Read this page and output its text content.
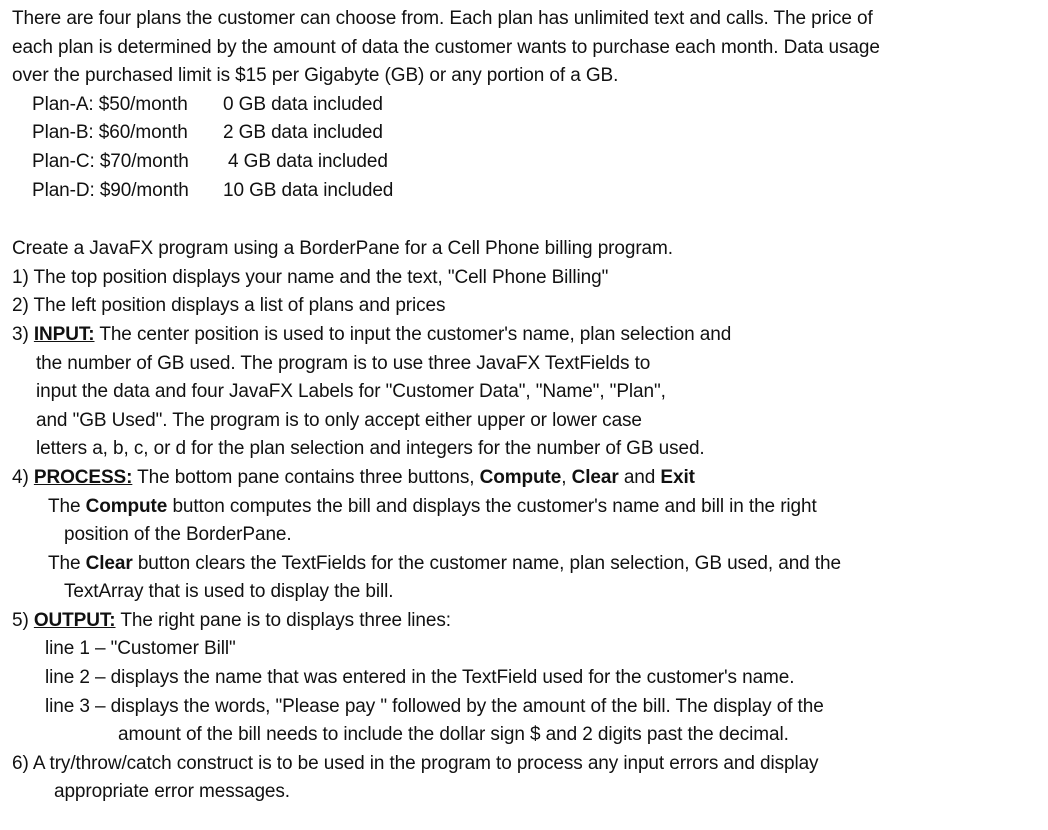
There are four plans the customer can choose from. Each plan has unlimited text and calls. The price of
each plan is determined by the amount of data the customer wants to purchase each month. Data usage
over the purchased limit is $15 per Gigabyte (GB) or any portion of a GB.
Plan-A: $50/month 0 GB data included
Plan-B: $60/month 2 GB data included
Plan-C: $70/month 4 GB data included
Plan-D: $90/month 10 GB data included
Create a JavaFX program using a BorderPane for a Cell Phone billing program.
1) The top position displays your name and the text, "Cell Phone Billing"
2) The left position displays a list of plans and prices
3) INPUT: The center position is used to input the customer's name, plan selection and
the number of GB used. The program is to use three JavaFX TextFields to
input the data and four JavaFX Labels for "Customer Data", "Name", "Plan",
and "GB Used". The program is to only accept either upper or lower case
letters a, b, c, or d for the plan selection and integers for the number of GB used.
4) PROCESS: The bottom pane contains three buttons, Compute, Clear and Exit
The Compute button computes the bill and displays the customer's name and bill in the right
position of the BorderPane.
The Clear button clears the TextFields for the customer name, plan selection, GB used, and the
TextArray that is used to display the bill.
5) OUTPUT: The right pane is to displays three lines:
line 1 – "Customer Bill"
line 2 – displays the name that was entered in the TextField used for the customer's name.
line 3 – displays the words, "Please pay " followed by the amount of the bill. The display of the
amount of the bill needs to include the dollar sign $ and 2 digits past the decimal.
6) A try/throw/catch construct is to be used in the program to process any input errors and display
appropriate error messages.
